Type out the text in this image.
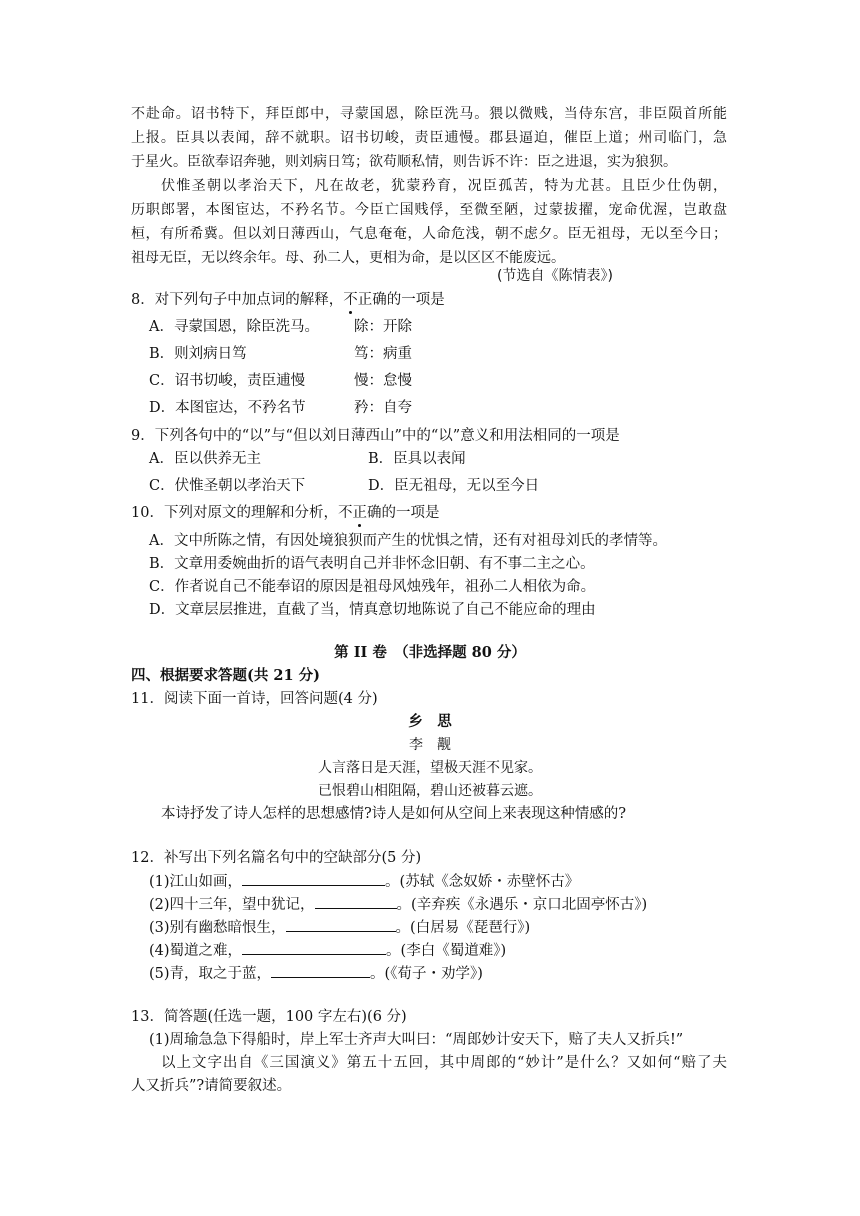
不赴命。诏书特下，拜臣郎中，寻蒙国恩，除臣洗马。猥以微贱，当侍东宫，非臣陨首所能
上报。臣具以表闻，辞不就职。诏书切峻，责臣逋慢。郡县逼迫，催臣上道；州司临门，急
于星火。臣欲奉诏奔驰，则刘病日笃；欲苟顺私情，则告诉不许：臣之进退，实为狼狈。
伏惟圣朝以孝治天下，凡在故老，犹蒙矜育，况臣孤苦，特为尤甚。且臣少仕伪朝，
历职郎署，本图宦达，不矜名节。今臣亡国贱俘，至微至陋，过蒙拔擢，宠命优渥，岂敢盘
桓，有所希冀。但以刘日薄西山，气息奄奄，人命危浅，朝不虑夕。臣无祖母，无以至今日；
祖母无臣，无以终余年。母、孙二人，更相为命，是以区区不能废远。
(节选自《陈情表》)
8．对下列句子中加点词的解释，不正确的一项是
A．寻蒙国恩，除臣洗马。 除：开除
B．则刘病日笃	笃：病重
C．诏书切峻，责臣逋慢	慢：怠慢
D．本图宦达，不矜名节	矜：自夸
9．下列各句中的“以”与“但以刘日薄西山”中的“以”意义和用法相同的一项是
A．臣以供养无主	B．臣具以表闻
C．伏惟圣朝以孝治天下	D．臣无祖母，无以至今日
10．下列对原文的理解和分析，不正确的一项是
A．文中所陈之情，有因处境狼狈而产生的忧惧之情，还有对祖母刘氏的孝情等。
B．文章用委婉曲折的语气表明自己并非怀念旧朝、有不事二主之心。
C．作者说自己不能奉诏的原因是祖母风烛残年，祖孙二人相依为命。
D．文章层层推进，直截了当，情真意切地陈说了自己不能应命的理由
第 II 卷　（非选择题 80 分）
四、根据要求答题(共 21 分)
11．阅读下面一首诗，回答问题(4 分)
乡　思
李　觏
人言落日是天涯，望极天涯不见家。
已恨碧山相阻隔，碧山还被暮云遮。
本诗抒发了诗人怎样的思想感情?诗人是如何从空间上来表现这种情感的?
12．补写出下列名篇名句中的空缺部分(5 分)
(1)江山如画，	。(苏轼《念奴娇・赤壁怀古》
(2)四十三年，望中犹记，	。(辛弃疾《永遇乐・京口北固亭怀古》)
(3)别有幽愁暗恨生，	。(白居易《琵琶行》)
(4)蜀道之难，	。(李白《蜀道难》)
(5)青，取之于蓝，	。(《荀子・劝学》)
13．简答题(任选一题，100 字左右)(6 分)
(1)周瑜急急下得船时，岸上军士齐声大叫曰：“周郎妙计安天下，赔了夫人又折兵!”
以上文字出自《三国演义》第五十五回，其中周郎的“妙计”是什么？又如何“赔了夫
人又折兵”?请简要叙述。
